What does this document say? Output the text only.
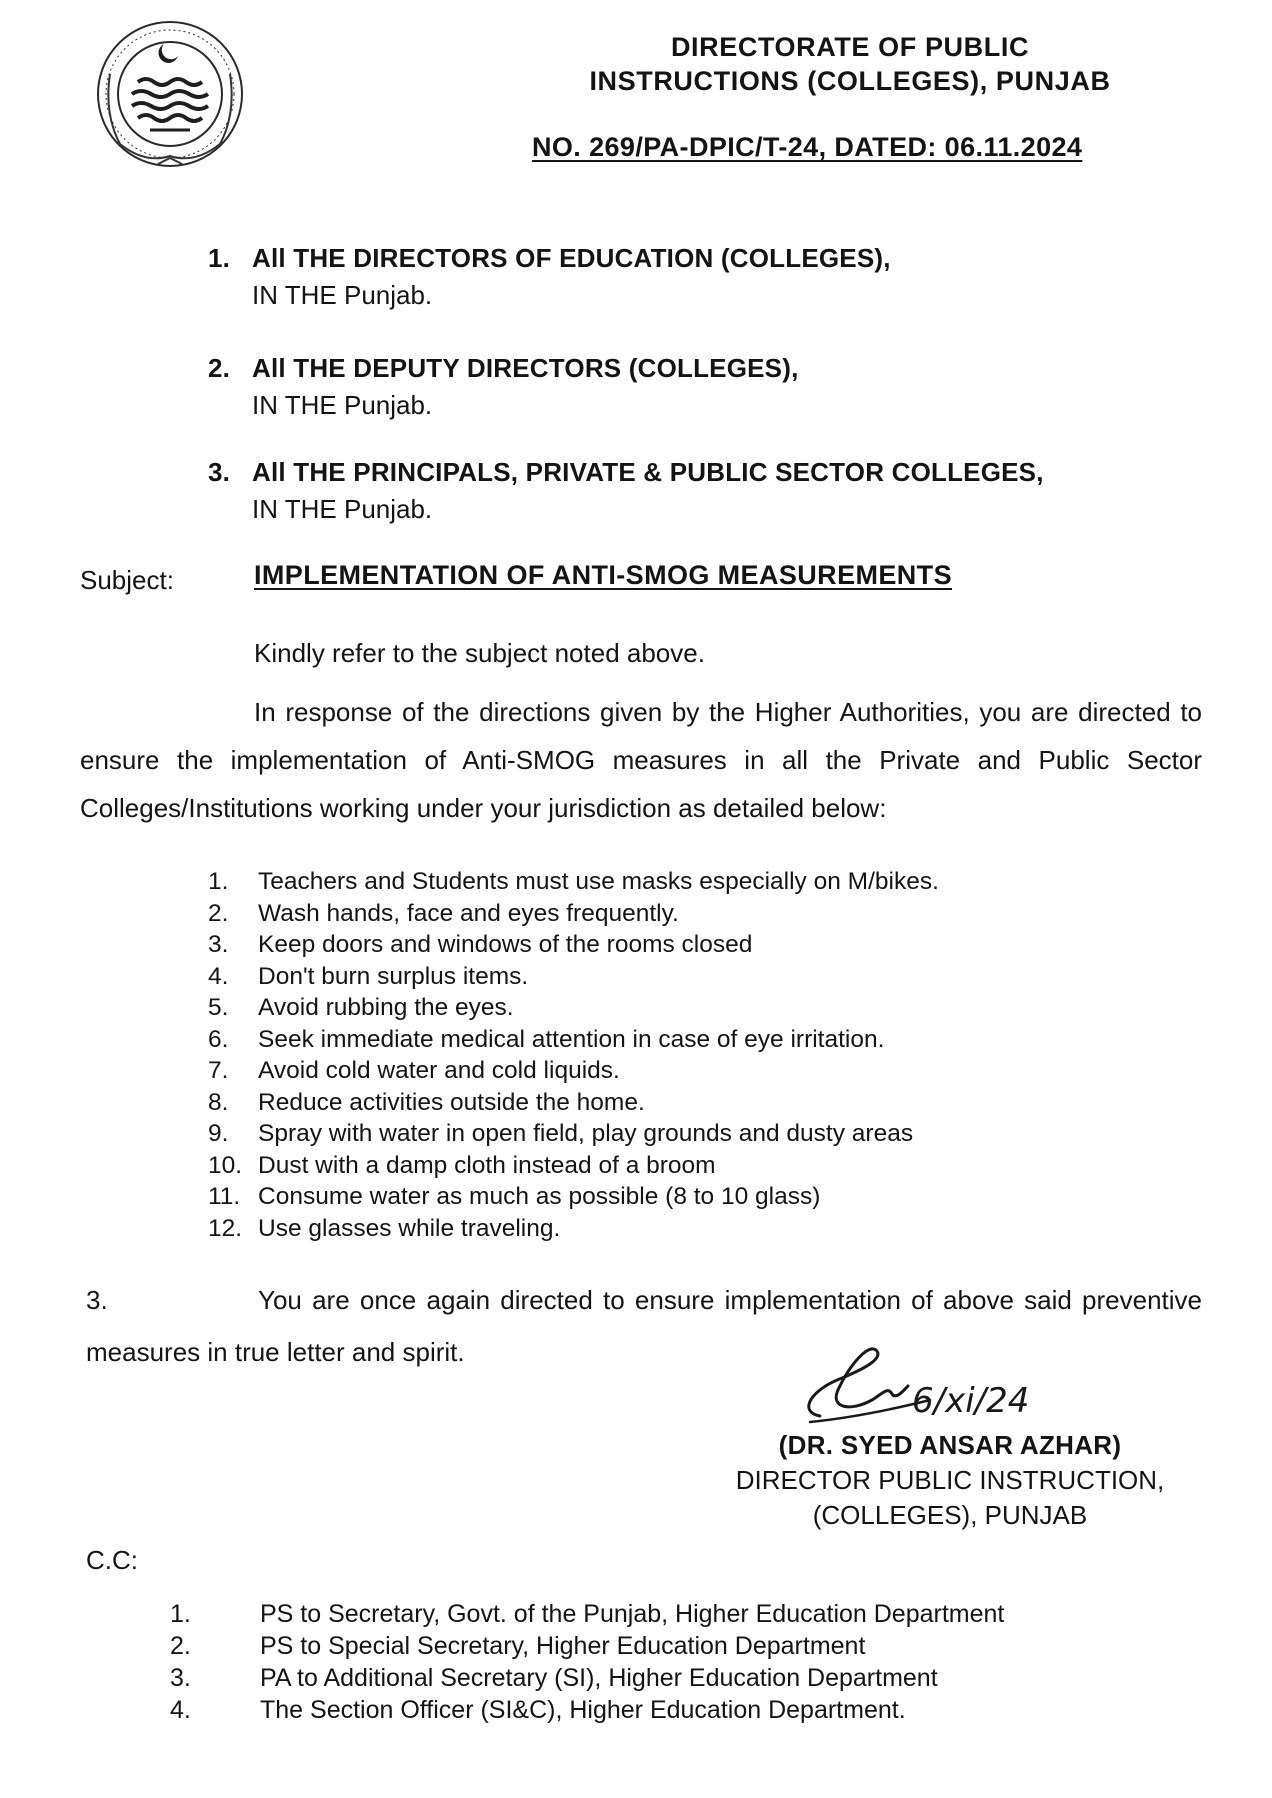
DIRECTORATE OF PUBLIC
INSTRUCTIONS (COLLEGES), PUNJAB
NO. 269/PA-DPIC/T-24, DATED: 06.11.2024
1. All THE DIRECTORS OF EDUCATION (COLLEGES),
IN THE Punjab.
2. All THE DEPUTY DIRECTORS (COLLEGES),
IN THE Punjab.
3. All THE PRINCIPALS, PRIVATE & PUBLIC SECTOR COLLEGES,
IN THE Punjab.
Subject:	IMPLEMENTATION OF ANTI-SMOG MEASUREMENTS
Kindly refer to the subject noted above.
In response of the directions given by the Higher Authorities, you are directed to ensure the implementation of Anti-SMOG measures in all the Private and Public Sector Colleges/Institutions working under your jurisdiction as detailed below:
1.	Teachers and Students must use masks especially on M/bikes.
2.	Wash hands, face and eyes frequently.
3.	Keep doors and windows of the rooms closed
4.	Don't burn surplus items.
5.	Avoid rubbing the eyes.
6.	Seek immediate medical attention in case of eye irritation.
7.	Avoid cold water and cold liquids.
8.	Reduce activities outside the home.
9.	Spray with water in open field, play grounds and dusty areas
10. Dust with a damp cloth instead of a broom
11. Consume water as much as possible (8 to 10 glass)
12. Use glasses while traveling.
3.	You are once again directed to ensure implementation of above said preventive measures in true letter and spirit.
6/xi/24
(DR. SYED ANSAR AZHAR)
DIRECTOR PUBLIC INSTRUCTION,
(COLLEGES), PUNJAB
C.C:
1.	PS to Secretary, Govt. of the Punjab, Higher Education Department
2.	PS to Special Secretary, Higher Education Department
3.	PA to Additional Secretary (SI), Higher Education Department
4.	The Section Officer (SI&C), Higher Education Department.
